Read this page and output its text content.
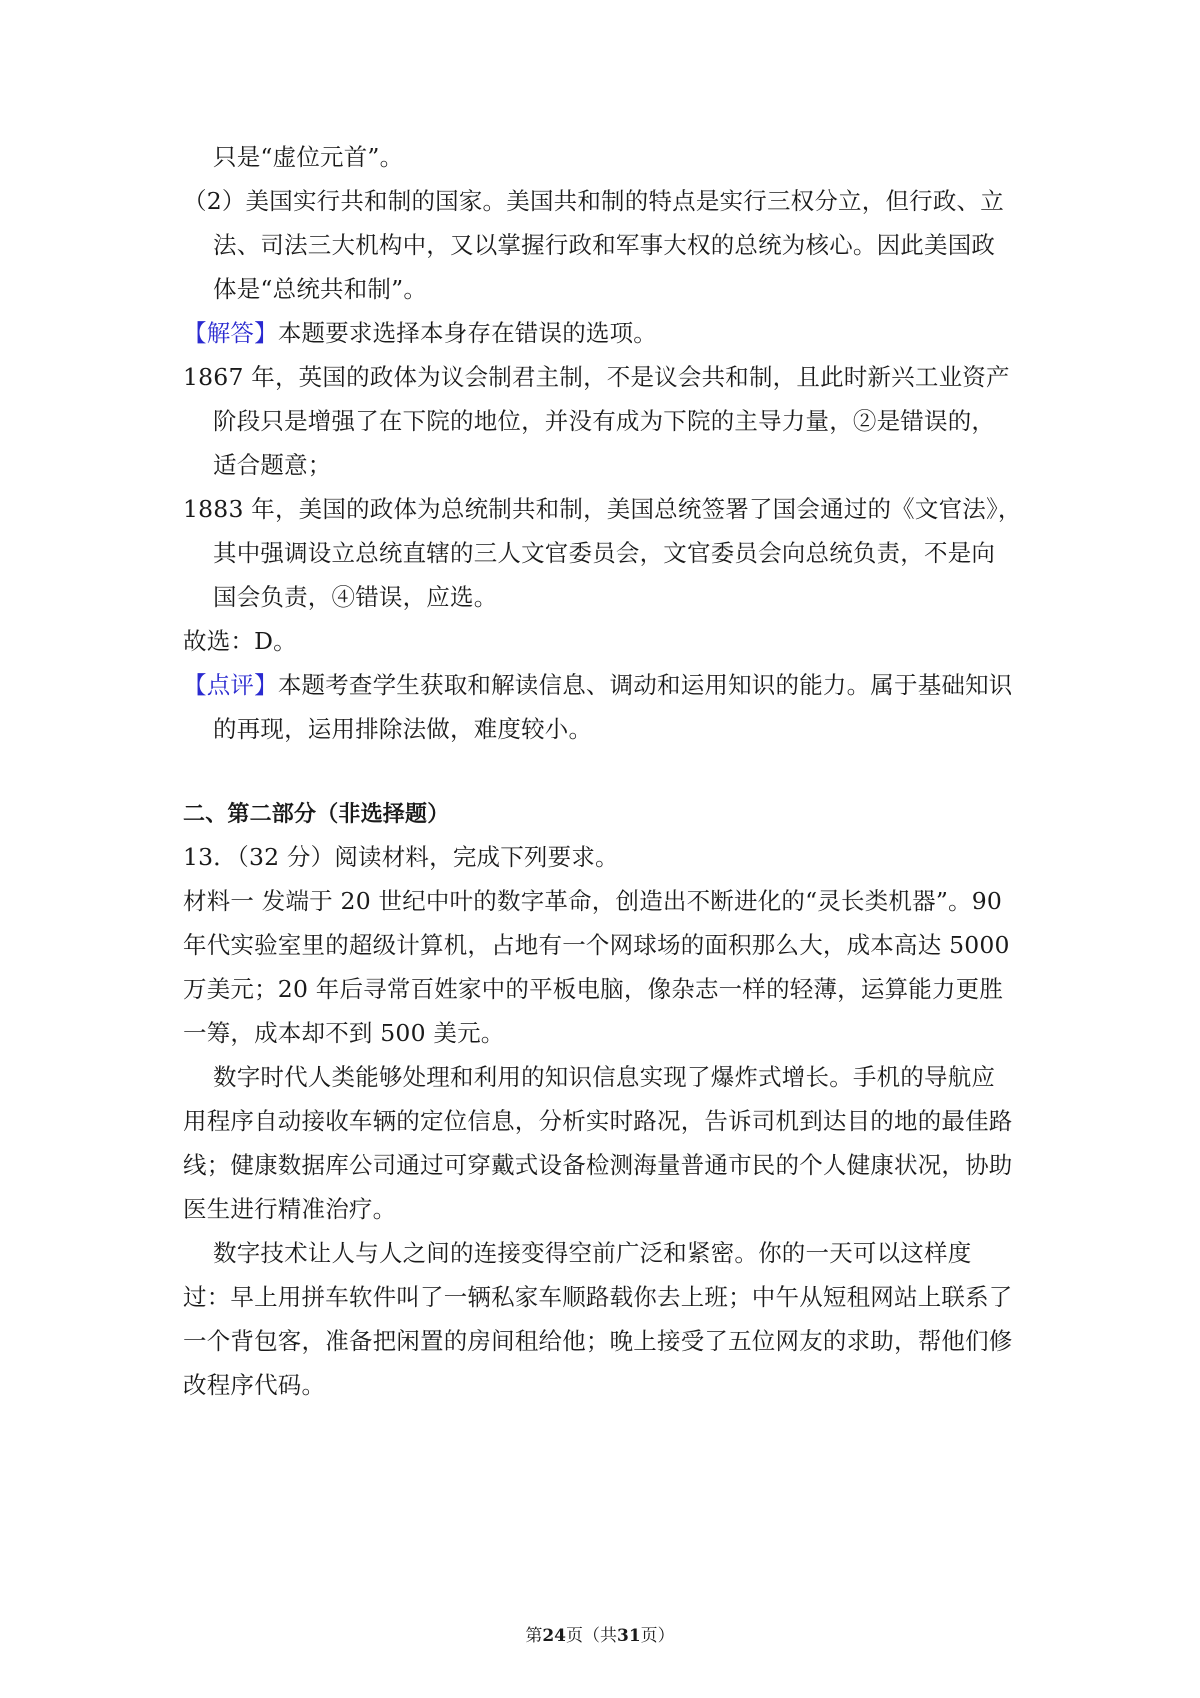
只是“虚位元首”。
（2）美国实行共和制的国家。美国共和制的特点是实行三权分立，但行政、立
法、司法三大机构中，又以掌握行政和军事大权的总统为核心。因此美国政
体是“总统共和制”。
【解答】本题要求选择本身存在错误的选项。
1867 年，英国的政体为议会制君主制，不是议会共和制，且此时新兴工业资产
阶段只是增强了在下院的地位，并没有成为下院的主导力量，②是错误的，
适合题意；
1883 年，美国的政体为总统制共和制，美国总统签署了国会通过的《文官法》，
其中强调设立总统直辖的三人文官委员会，文官委员会向总统负责，不是向
国会负责，④错误，应选。
故选：D。
【点评】本题考查学生获取和解读信息、调动和运用知识的能力。属于基础知识
的再现，运用排除法做，难度较小。
二、第二部分（非选择题）
13．（32 分）阅读材料，完成下列要求。
材料一 发端于 20 世纪中叶的数字革命，创造出不断进化的“灵长类机器”。90
年代实验室里的超级计算机，占地有一个网球场的面积那么大，成本高达 5000
万美元；20 年后寻常百姓家中的平板电脑，像杂志一样的轻薄，运算能力更胜
一筹，成本却不到 500 美元。
数字时代人类能够处理和利用的知识信息实现了爆炸式增长。手机的导航应
用程序自动接收车辆的定位信息，分析实时路况，告诉司机到达目的地的最佳路
线；健康数据库公司通过可穿戴式设备检测海量普通市民的个人健康状况，协助
医生进行精准治疗。
数字技术让人与人之间的连接变得空前广泛和紧密。你的一天可以这样度
过：早上用拼车软件叫了一辆私家车顺路载你去上班；中午从短租网站上联系了
一个背包客，准备把闲置的房间租给他；晚上接受了五位网友的求助，帮他们修
改程序代码。
第24页（共31页）
